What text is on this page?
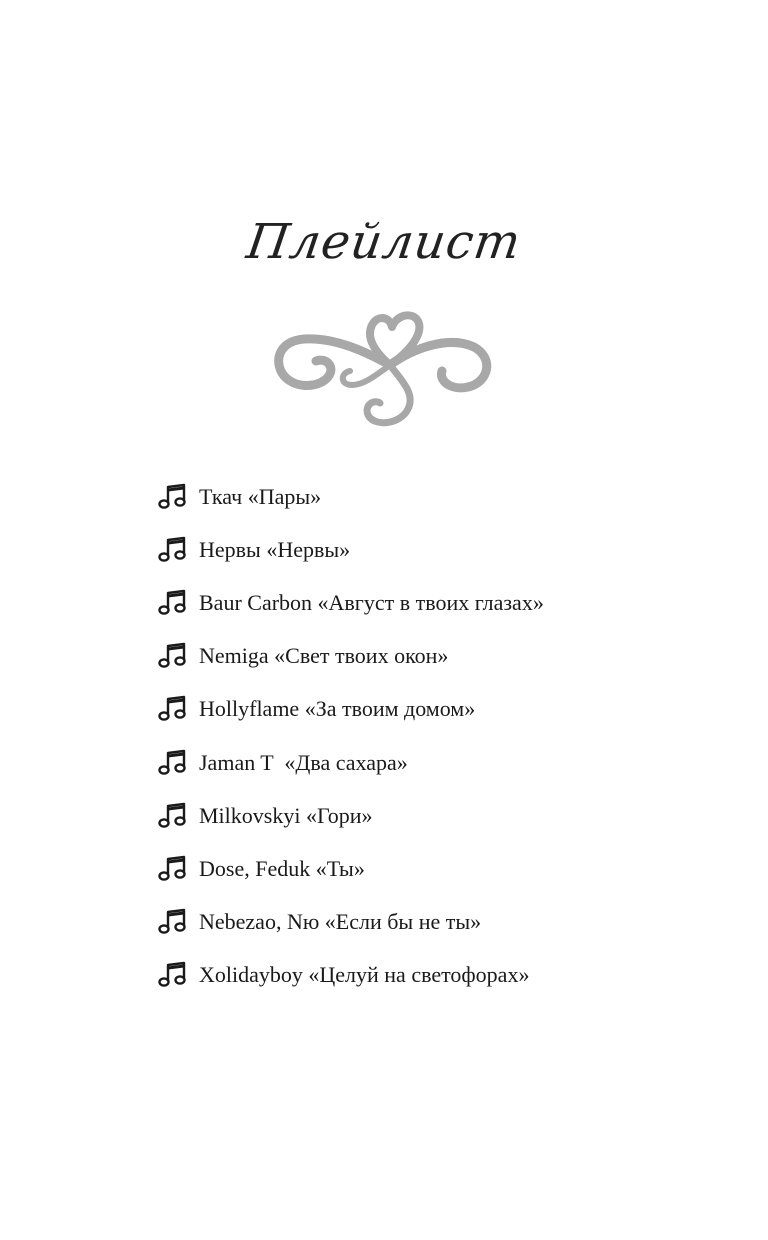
Плейлист
Ткач «Пары»
Нервы «Нервы»
Baur Carbon «Август в твоих глазах»
Nemiga «Свет твоих окон»
Hollyflame «За твоим домом»
Jaman T  «Два сахара»
Milkovskyi «Гори»
Dose, Feduk «Ты»
Nebezao, Nю «Если бы не ты»
Xolidayboy «Целуй на светофорах»
